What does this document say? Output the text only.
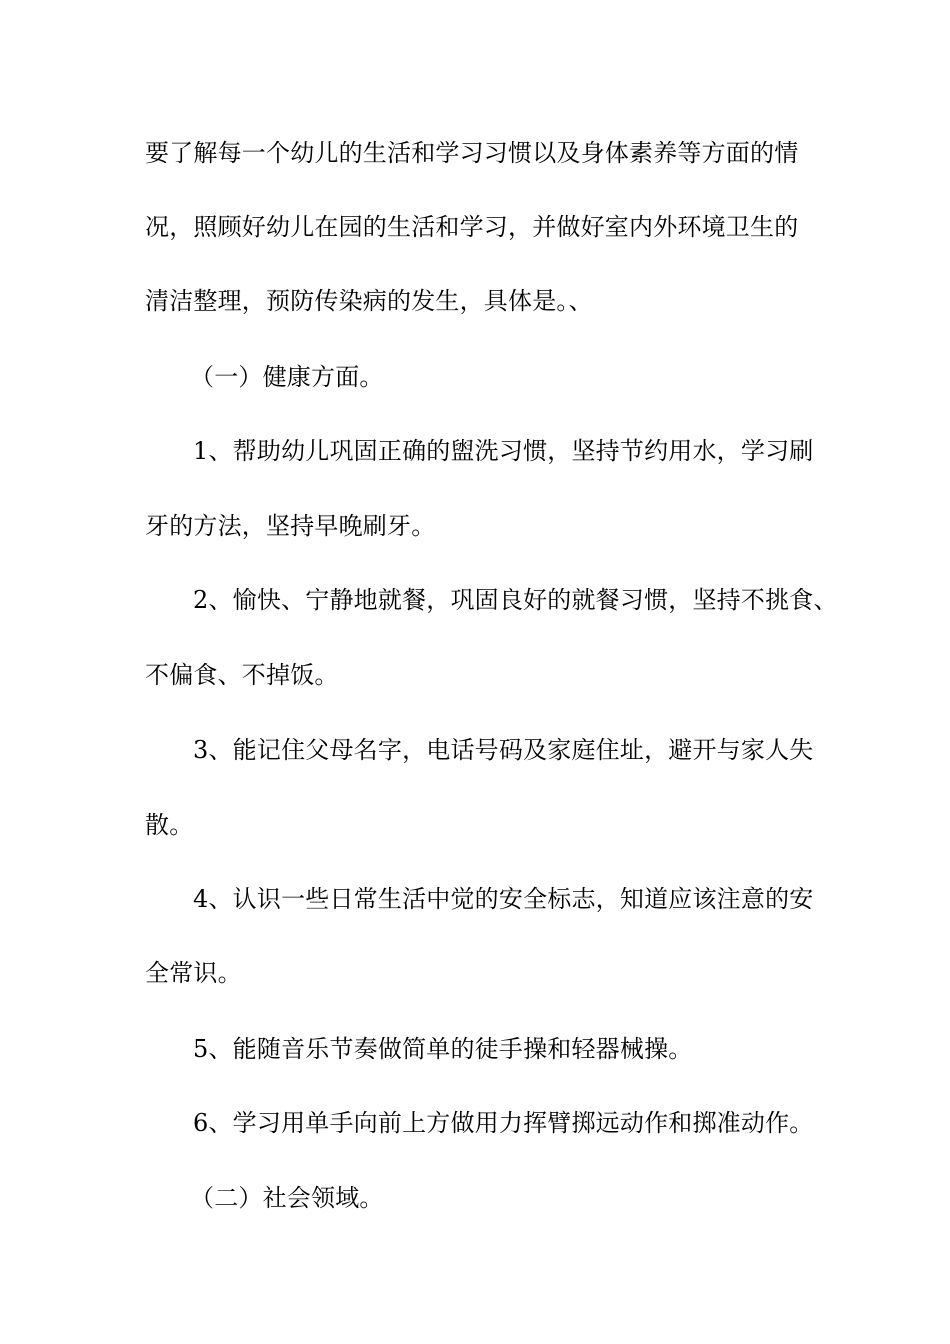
要了解每一个幼儿的生活和学习习惯以及身体素养等方面的情
况，照顾好幼儿在园的生活和学习，并做好室内外环境卫生的
清洁整理，预防传染病的发生，具体是。、
（一）健康方面。
1、帮助幼儿巩固正确的盥洗习惯，坚持节约用水，学习刷
牙的方法，坚持早晚刷牙。
2、愉快、宁静地就餐，巩固良好的就餐习惯，坚持不挑食、
不偏食、不掉饭。
3、能记住父母名字，电话号码及家庭住址，避开与家人失
散。
4、认识一些日常生活中觉的安全标志，知道应该注意的安
全常识。
5、能随音乐节奏做简单的徒手操和轻器械操。
6、学习用单手向前上方做用力挥臂掷远动作和掷准动作。
（二）社会领域。
